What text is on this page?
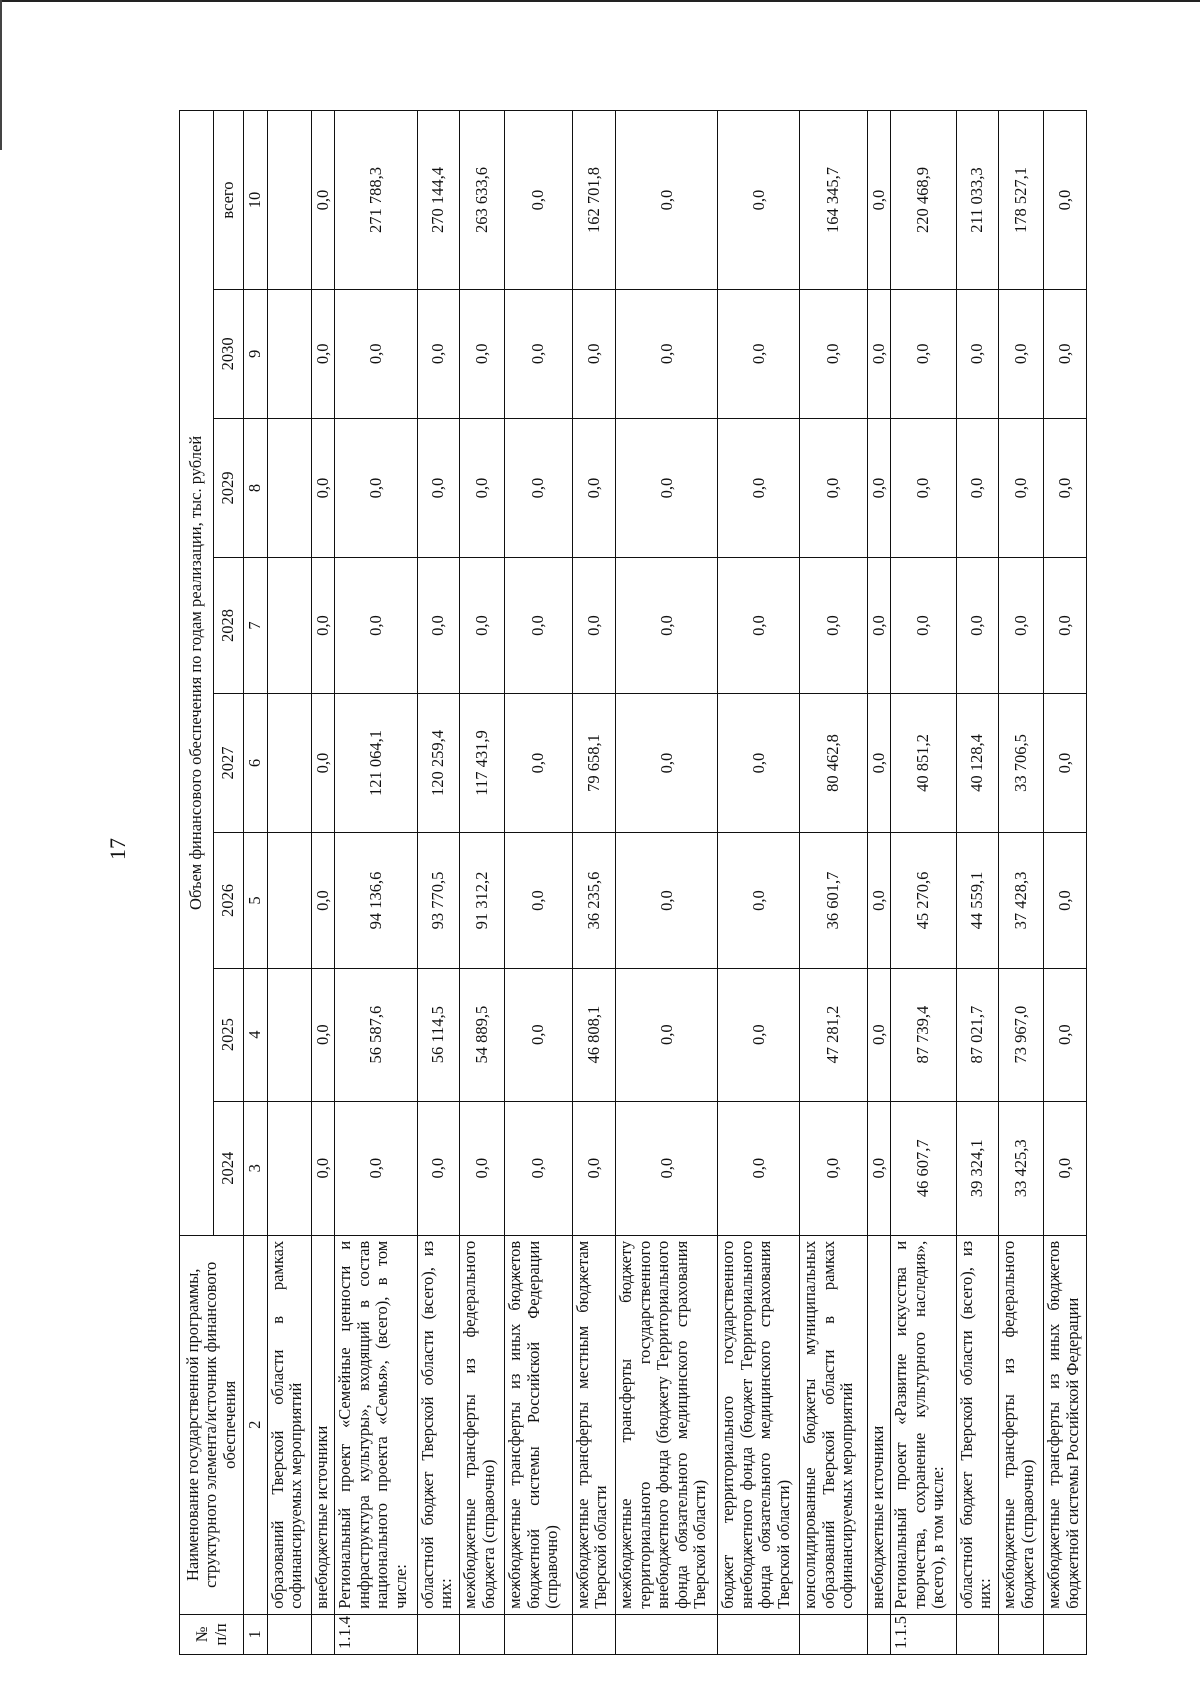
17
№ п/п	Наименование государственной программы, структурного элемента/источник финансового обеспечения	Объем финансового обеспечения по годам реализации, тыс. рублей							
		2024	2025	2026	2027	2028	2029	2030	всего
1	2	3	4	5	6	7	8	9	10
	образований Тверской области в рамках софинансируемых мероприятий								
	внебюджетные источники	0,0	0,0	0,0	0,0	0,0	0,0	0,0	0,0
1.1.4	Региональный проект «Семейные ценности и инфраструктура культуры», входящий в состав национального проекта «Семья», (всего), в том числе:	0,0	56 587,6	94 136,6	121 064,1	0,0	0,0	0,0	271 788,3
	областной бюджет Тверской области (всего), из них:	0,0	56 114,5	93 770,5	120 259,4	0,0	0,0	0,0	270 144,4
	межбюджетные трансферты из федерального бюджета (справочно)	0,0	54 889,5	91 312,2	117 431,9	0,0	0,0	0,0	263 633,6
	межбюджетные трансферты из иных бюджетов бюджетной системы Российской Федерации (справочно)	0,0	0,0	0,0	0,0	0,0	0,0	0,0	0,0
	межбюджетные трансферты местным бюджетам Тверской области	0,0	46 808,1	36 235,6	79 658,1	0,0	0,0	0,0	162 701,8
	межбюджетные трансферты бюджету территориального государственного внебюджетного фонда (бюджету Территориального фонда обязательного медицинского страхования Тверской области)	0,0	0,0	0,0	0,0	0,0	0,0	0,0	0,0
	бюджет территориального государственного внебюджетного фонда (бюджет Территориального фонда обязательного медицинского страхования Тверской области)	0,0	0,0	0,0	0,0	0,0	0,0	0,0	0,0
	консолидированные бюджеты муниципальных образований Тверской области в рамках софинансируемых мероприятий	0,0	47 281,2	36 601,7	80 462,8	0,0	0,0	0,0	164 345,7
	внебюджетные источники	0,0	0,0	0,0	0,0	0,0	0,0	0,0	0,0
1.1.5	Региональный проект «Развитие искусства и творчества, сохранение культурного наследия», (всего), в том числе:	46 607,7	87 739,4	45 270,6	40 851,2	0,0	0,0	0,0	220 468,9
	областной бюджет Тверской области (всего), из них:	39 324,1	87 021,7	44 559,1	40 128,4	0,0	0,0	0,0	211 033,3
	межбюджетные трансферты из федерального бюджета (справочно)	33 425,3	73 967,0	37 428,3	33 706,5	0,0	0,0	0,0	178 527,1
	межбюджетные трансферты из иных бюджетов бюджетной системы Российской Федерации	0,0	0,0	0,0	0,0	0,0	0,0	0,0	0,0
